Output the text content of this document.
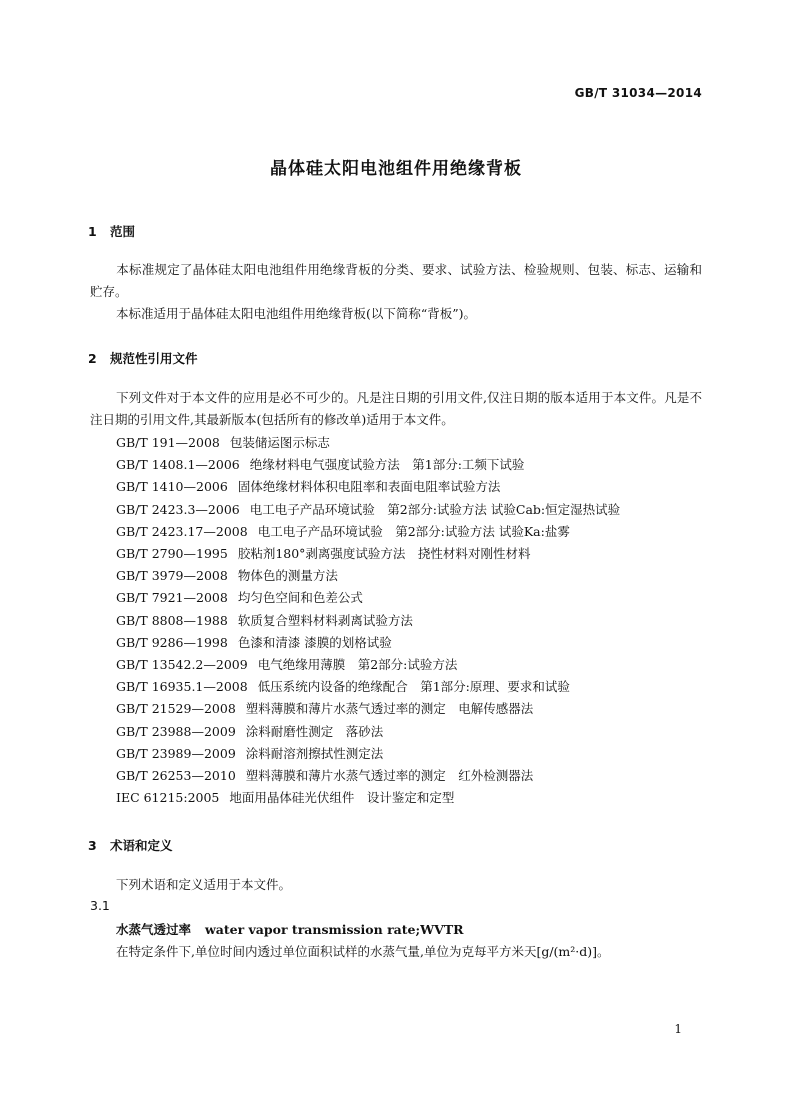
GB/T 31034—2014
晶体硅太阳电池组件用绝缘背板
1 范围
本标准规定了晶体硅太阳电池组件用绝缘背板的分类、要求、试验方法、检验规则、包装、标志、运输和贮存。
本标准适用于晶体硅太阳电池组件用绝缘背板(以下简称“背板”)。
2 规范性引用文件
下列文件对于本文件的应用是必不可少的。凡是注日期的引用文件,仅注日期的版本适用于本文件。凡是不注日期的引用文件,其最新版本(包括所有的修改单)适用于本文件。
GB/T 191—2008 包装储运图示标志
GB/T 1408.1—2006 绝缘材料电气强度试验方法　第1部分:工频下试验
GB/T 1410—2006 固体绝缘材料体积电阻率和表面电阻率试验方法
GB/T 2423.3—2006 电工电子产品环境试验　第2部分:试验方法 试验Cab:恒定湿热试验
GB/T 2423.17—2008 电工电子产品环境试验　第2部分:试验方法 试验Ka:盐雾
GB/T 2790—1995 胶粘剂180°剥离强度试验方法　挠性材料对刚性材料
GB/T 3979—2008 物体色的测量方法
GB/T 7921—2008 均匀色空间和色差公式
GB/T 8808—1988 软质复合塑料材料剥离试验方法
GB/T 9286—1998 色漆和清漆 漆膜的划格试验
GB/T 13542.2—2009 电气绝缘用薄膜　第2部分:试验方法
GB/T 16935.1—2008 低压系统内设备的绝缘配合　第1部分:原理、要求和试验
GB/T 21529—2008 塑料薄膜和薄片水蒸气透过率的测定　电解传感器法
GB/T 23988—2009 涂料耐磨性测定　落砂法
GB/T 23989—2009 涂料耐溶剂擦拭性测定法
GB/T 26253—2010 塑料薄膜和薄片水蒸气透过率的测定　红外检测器法
IEC 61215:2005 地面用晶体硅光伏组件　设计鉴定和定型
3 术语和定义
下列术语和定义适用于本文件。
3.1
水蒸气透过率 water vapor transmission rate;WVTR
在特定条件下,单位时间内透过单位面积试样的水蒸气量,单位为克每平方米天[g/(m²·d)]。
1
